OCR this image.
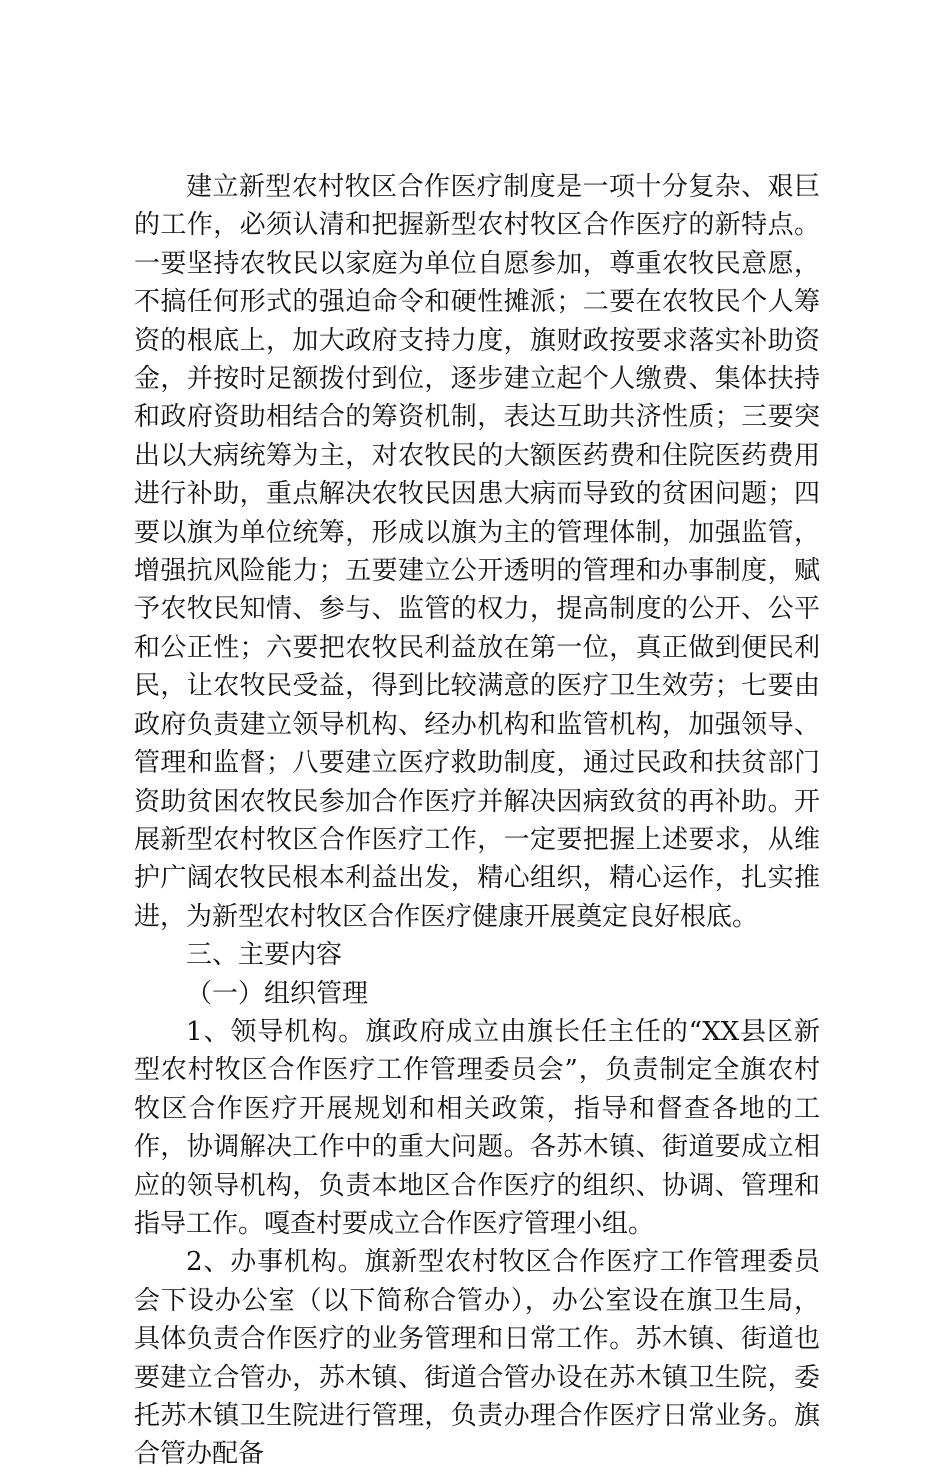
建立新型农村牧区合作医疗制度是一项十分复杂、艰巨的工作，必须认清和把握新型农村牧区合作医疗的新特点。一要坚持农牧民以家庭为单位自愿参加，尊重农牧民意愿，不搞任何形式的强迫命令和硬性摊派；二要在农牧民个人筹资的根底上，加大政府支持力度，旗财政按要求落实补助资金，并按时足额拨付到位，逐步建立起个人缴费、集体扶持和政府资助相结合的筹资机制，表达互助共济性质；三要突出以大病统筹为主，对农牧民的大额医药费和住院医药费用进行补助，重点解决农牧民因患大病而导致的贫困问题；四要以旗为单位统筹，形成以旗为主的管理体制，加强监管，增强抗风险能力；五要建立公开透明的管理和办事制度，赋予农牧民知情、参与、监管的权力，提高制度的公开、公平和公正性；六要把农牧民利益放在第一位，真正做到便民利民，让农牧民受益，得到比较满意的医疗卫生效劳；七要由政府负责建立领导机构、经办机构和监管机构，加强领导、管理和监督；八要建立医疗救助制度，通过民政和扶贫部门资助贫困农牧民参加合作医疗并解决因病致贫的再补助。开展新型农村牧区合作医疗工作，一定要把握上述要求，从维护广阔农牧民根本利益出发，精心组织，精心运作，扎实推进，为新型农村牧区合作医疗健康开展奠定良好根底。

三、主要内容

（一）组织管理

1、领导机构。旗政府成立由旗长任主任的“XX县区新型农村牧区合作医疗工作管理委员会”，负责制定全旗农村牧区合作医疗开展规划和相关政策，指导和督查各地的工作，协调解决工作中的重大问题。各苏木镇、街道要成立相应的领导机构，负责本地区合作医疗的组织、协调、管理和指导工作。嘎查村要成立合作医疗管理小组。

2、办事机构。旗新型农村牧区合作医疗工作管理委员会下设办公室（以下简称合管办），办公室设在旗卫生局，具体负责合作医疗的业务管理和日常工作。苏木镇、街道也要建立合管办，苏木镇、街道合管办设在苏木镇卫生院，委托苏木镇卫生院进行管理，负责办理合作医疗日常业务。旗合管办配备
